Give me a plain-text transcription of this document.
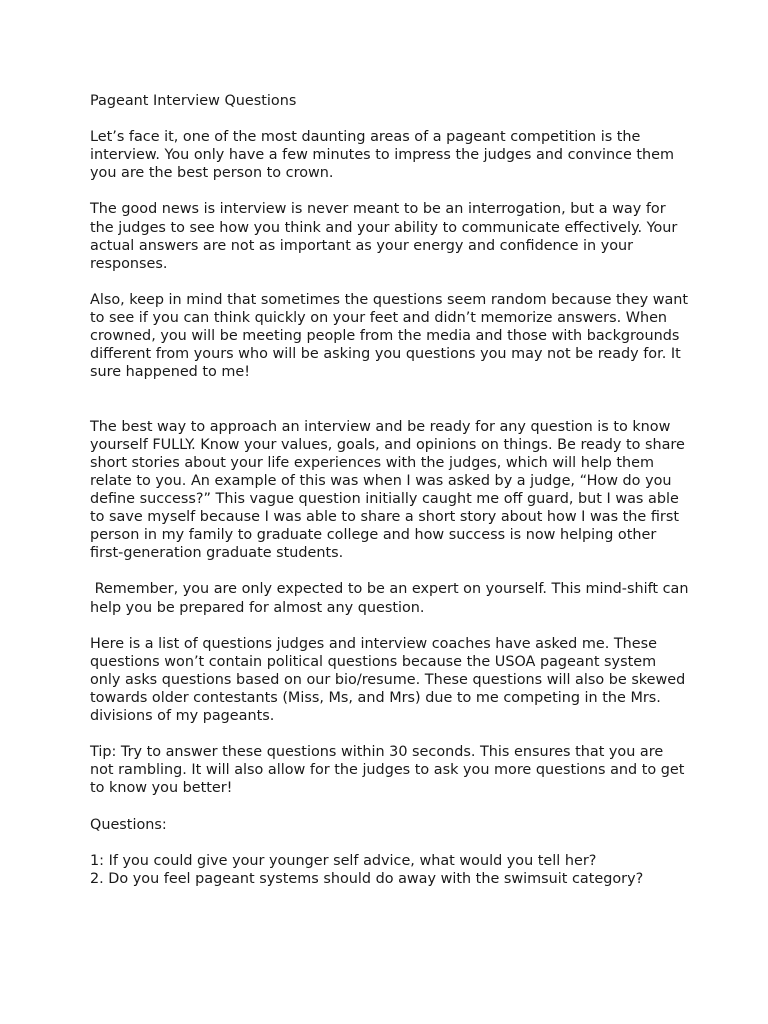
Pageant Interview Questions

Let’s face it, one of the most daunting areas of a pageant competition is the interview. You only have a few minutes to impress the judges and convince them you are the best person to crown.

The good news is interview is never meant to be an interrogation, but a way for the judges to see how you think and your ability to communicate effectively. Your actual answers are not as important as your energy and confidence in your responses.

Also, keep in mind that sometimes the questions seem random because they want to see if you can think quickly on your feet and didn’t memorize answers. When crowned, you will be meeting people from the media and those with backgrounds different from yours who will be asking you questions you may not be ready for. It sure happened to me!

The best way to approach an interview and be ready for any question is to know yourself FULLY. Know your values, goals, and opinions on things. Be ready to share short stories about your life experiences with the judges, which will help them relate to you. An example of this was when I was asked by a judge, “How do you define success?” This vague question initially caught me off guard, but I was able to save myself because I was able to share a short story about how I was the first person in my family to graduate college and how success is now helping other first-generation graduate students.

Remember, you are only expected to be an expert on yourself. This mind-shift can help you be prepared for almost any question.

Here is a list of questions judges and interview coaches have asked me. These questions won’t contain political questions because the USOA pageant system only asks questions based on our bio/resume. These questions will also be skewed towards older contestants (Miss, Ms, and Mrs) due to me competing in the Mrs. divisions of my pageants.

Tip: Try to answer these questions within 30 seconds. This ensures that you are not rambling. It will also allow for the judges to ask you more questions and to get to know you better!

Questions:

1: If you could give your younger self advice, what would you tell her?

2. Do you feel pageant systems should do away with the swimsuit category?
